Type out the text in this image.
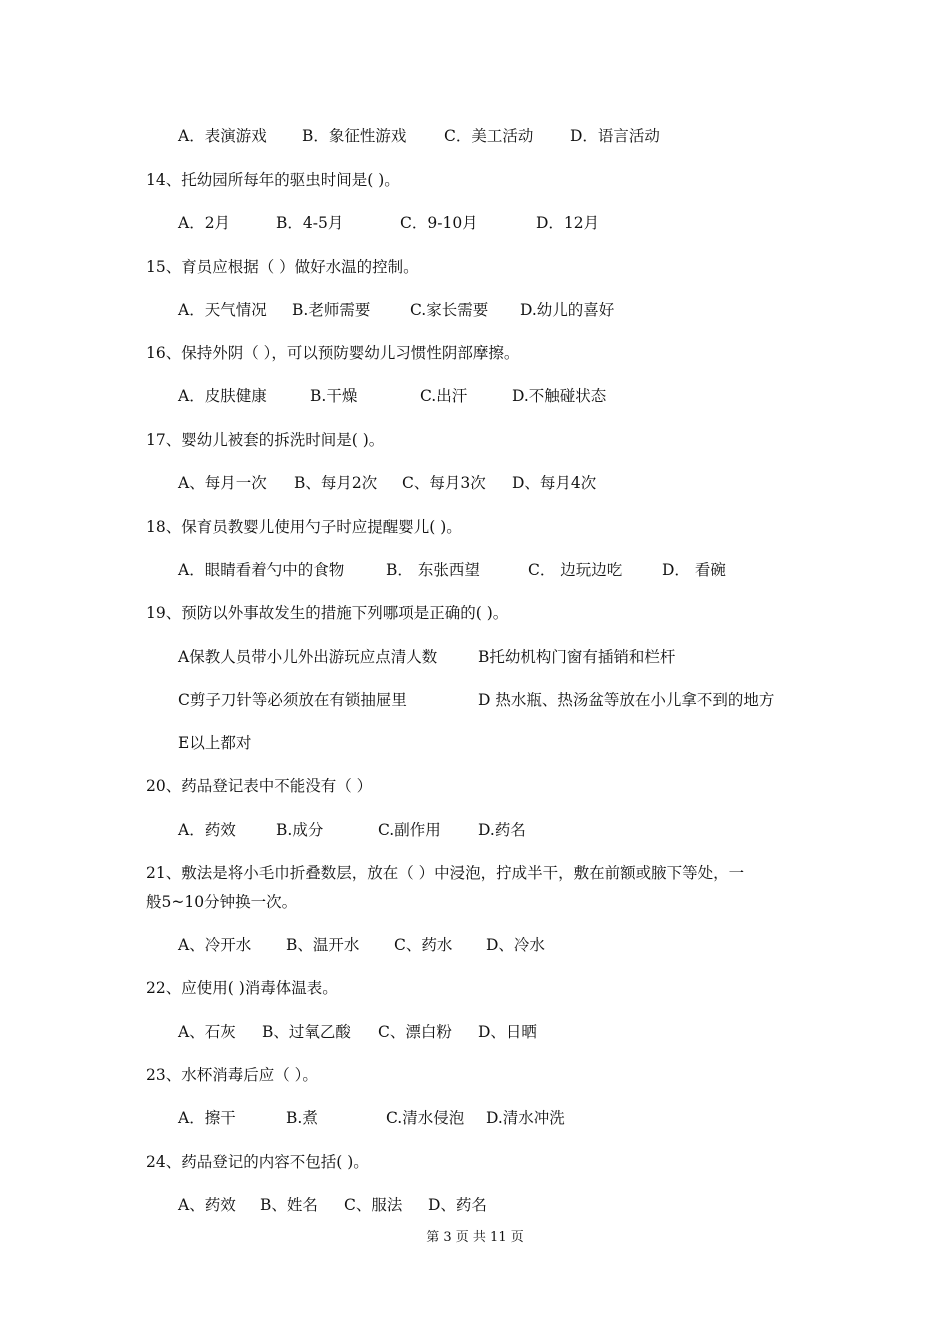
A．表演游戏 B．象征性游戏 C．美工活动 D．语言活动
14、托幼园所每年的驱虫时间是( )。
A．2月	B．4-5月	C．9-10月	D．12月
15、育员应根据（ ）做好水温的控制。
A．天气情况 B.老师需要	C.家长需要 D.幼儿的喜好
16、保持外阴（ ），可以预防婴幼儿习惯性阴部摩擦。
A．皮肤健康	B.干燥	C.出汗	D.不触碰状态
17、婴幼儿被套的拆洗时间是( )。
A、每月一次 B、每月2次 C、每月3次 D、每月4次
18、保育员教婴儿使用勺子时应提醒婴儿( )。
A．眼睛看着勺中的食物	B． 东张西望	C． 边玩边吃	D． 看碗
19、预防以外事故发生的措施下列哪项是正确的( )。
A保教人员带小儿外出游玩应点清人数	B托幼机构门窗有插销和栏杆
C剪子刀针等必须放在有锁抽屉里	D 热水瓶、热汤盆等放在小儿拿不到的地方
E以上都对
20、药品登记表中不能没有（ ）
A．药效	B.成分	C.副作用 D.药名
21、敷法是将小毛巾折叠数层，放在（ ）中浸泡，拧成半干，敷在前额或腋下等处，一
般5~10分钟换一次。
A、冷开水 B、温开水 C、药水 D、冷水
22、应使用( )消毒体温表。
A、石灰 B、过氧乙酸 C、漂白粉 D、日晒
23、水杯消毒后应（ ）。
A．擦干	B.煮	C.清水侵泡 D.清水冲洗
24、药品登记的内容不包括( )。
A、药效 B、姓名 C、服法 D、药名
第 3 页 共 11 页
